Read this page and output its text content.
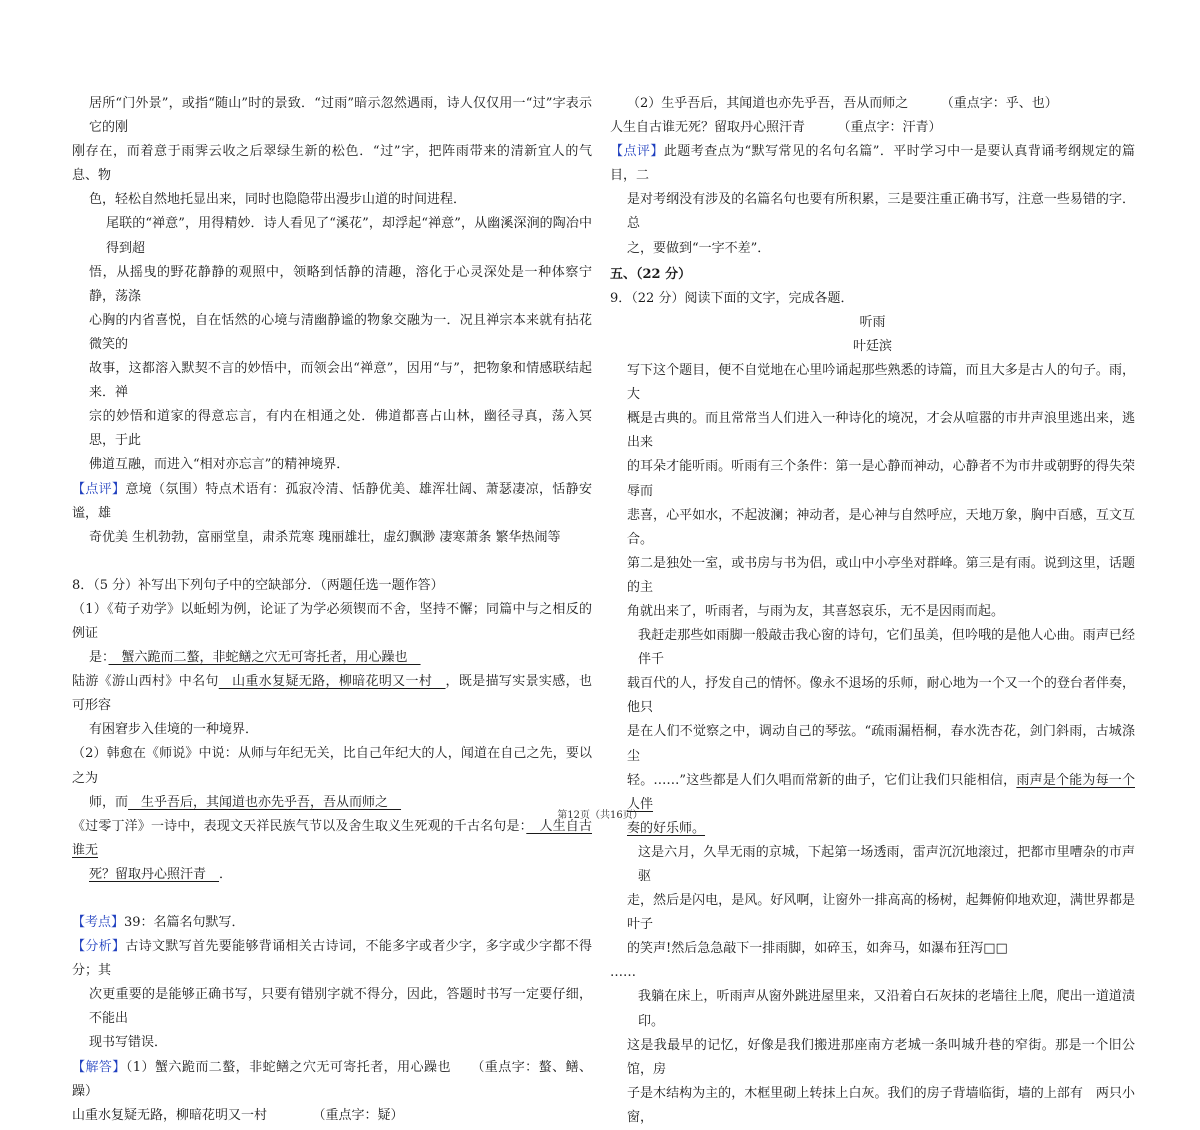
居所“门外景”，或指“随山”时的景致．“过雨”暗示忽然遇雨，诗人仅仅用一“过”字表示它的刚

刚存在，而着意于雨霁云收之后翠绿生新的松色．“过”字，把阵雨带来的清新宜人的气息、物

色，轻松自然地托显出来，同时也隐隐带出漫步山道的时间进程．

尾联的“禅意”，用得精妙．诗人看见了“溪花”，却浮起“禅意”，从幽溪深涧的陶冶中得到超

悟，从摇曳的野花静静的观照中，领略到恬静的清趣，溶化于心灵深处是一种体察宁静，荡涤

心胸的内省喜悦，自在恬然的心境与清幽静谧的物象交融为一．况且禅宗本来就有拈花微笑的

故事，这都溶入默契不言的妙悟中，而领会出“禅意”，因用“与”，把物象和情感联结起来．禅

宗的妙悟和道家的得意忘言，有内在相通之处．佛道都喜占山林，幽径寻真，荡入冥思，于此

佛道互融，而进入“相对亦忘言”的精神境界．

【点评】意境（氛围）特点术语有：孤寂冷清、恬静优美、雄浑壮阔、萧瑟凄凉，恬静安谧，雄

奇优美 生机勃勃，富丽堂皇，肃杀荒寒 瑰丽雄壮，虚幻飘渺 凄寒萧条 繁华热闹等

8．（5 分）补写出下列句子中的空缺部分．（两题任选一题作答）

（1）《荀子劝学》以蚯蚓为例，论证了为学必须锲而不舍，坚持不懈；同篇中与之相反的例证

是：　蟹六跪而二螯，非蛇鳝之穴无可寄托者，用心躁也　

陆游《游山西村》中名句　山重水复疑无路，柳暗花明又一村　，既是描写实景实感，也可形容

有困窘步入佳境的一种境界．

（2）韩愈在《师说》中说：从师与年纪无关，比自己年纪大的人，闻道在自己之先，要以之为

师，而　生乎吾后，其闻道也亦先乎吾，吾从而师之　

《过零丁洋》一诗中，表现文天祥民族气节以及舍生取义生死观的千古名句是：　人生自古谁无

死？留取丹心照汗青　．

【考点】39：名篇名句默写．

【分析】古诗文默写首先要能够背诵相关古诗词，不能多字或者少字，多字或少字都不得分；其

次更重要的是能够正确书写，只要有错别字就不得分，因此，答题时书写一定要仔细，不能出

现书写错误．

【解答】（1）蟹六跪而二螯，非蛇鳝之穴无可寄托者，用心躁也　　（重点字：螯、鳝、躁）

山重水复疑无路，柳暗花明又一村　　　　（重点字：疑）

（2）生乎吾后，其闻道也亦先乎吾，吾从而师之　　　（重点字：乎、也）

人生自古谁无死？留取丹心照汗青　　　（重点字：汗青）

【点评】此题考查点为“默写常见的名句名篇”．平时学习中一是要认真背诵考纲规定的篇目，二

是对考纲没有涉及的名篇名句也要有所积累，三是要注重正确书写，注意一些易错的字．总

之，要做到“一字不差”．

五、（22 分）

9．（22 分）阅读下面的文字，完成各题．

听雨

叶廷滨

写下这个题目，便不自觉地在心里吟诵起那些熟悉的诗篇，而且大多是古人的句子。雨，大

概是古典的。而且常常当人们进入一种诗化的境况，才会从喧嚣的市井声浪里逃出来，逃出来

的耳朵才能听雨。听雨有三个条件：第一是心静而神动，心静者不为市井或朝野的得失荣辱而

悲喜，心平如水，不起波澜；神动者，是心神与自然呼应，天地万象，胸中百感，互文互合。

第二是独处一室，或书房与书为侣，或山中小亭坐对群峰。第三是有雨。说到这里，话题的主

角就出来了，听雨者，与雨为友，其喜怒哀乐，无不是因雨而起。

我赶走那些如雨脚一般敲击我心窗的诗句，它们虽美，但吟哦的是他人心曲。雨声已经伴千

载百代的人，抒发自己的情怀。像永不退场的乐师，耐心地为一个又一个的登台者伴奏，他只

是在人们不觉察之中，调动自己的琴弦。“疏雨漏梧桐，春水洗杏花，剑门斜雨，古城涤尘

轻。……”这些都是人们久唱而常新的曲子，它们让我们只能相信，雨声是个能为每一个人伴

奏的好乐师。

这是六月，久旱无雨的京城，下起第一场透雨，雷声沉沉地滚过，把都市里嘈杂的市声驱

走，然后是闪电，是风。好风啊，让窗外一排高高的杨树，起舞俯仰地欢迎，满世界都是叶子

的笑声!然后急急敲下一排雨脚，如碎玉，如奔马，如瀑布狂泻□□

……

我躺在床上，听雨声从窗外跳进屋里来，又沿着白石灰抹的老墙往上爬，爬出一道道渍印。

这是我最早的记忆，好像是我们搬进那座南方老城一条叫城升巷的窄街。那是一个旧公馆，房

子是木结构为主的，木框里砌上转抹上白灰。我们的房子背墙临街，墙的上部有　两只小窗，

第12页（共16页）
